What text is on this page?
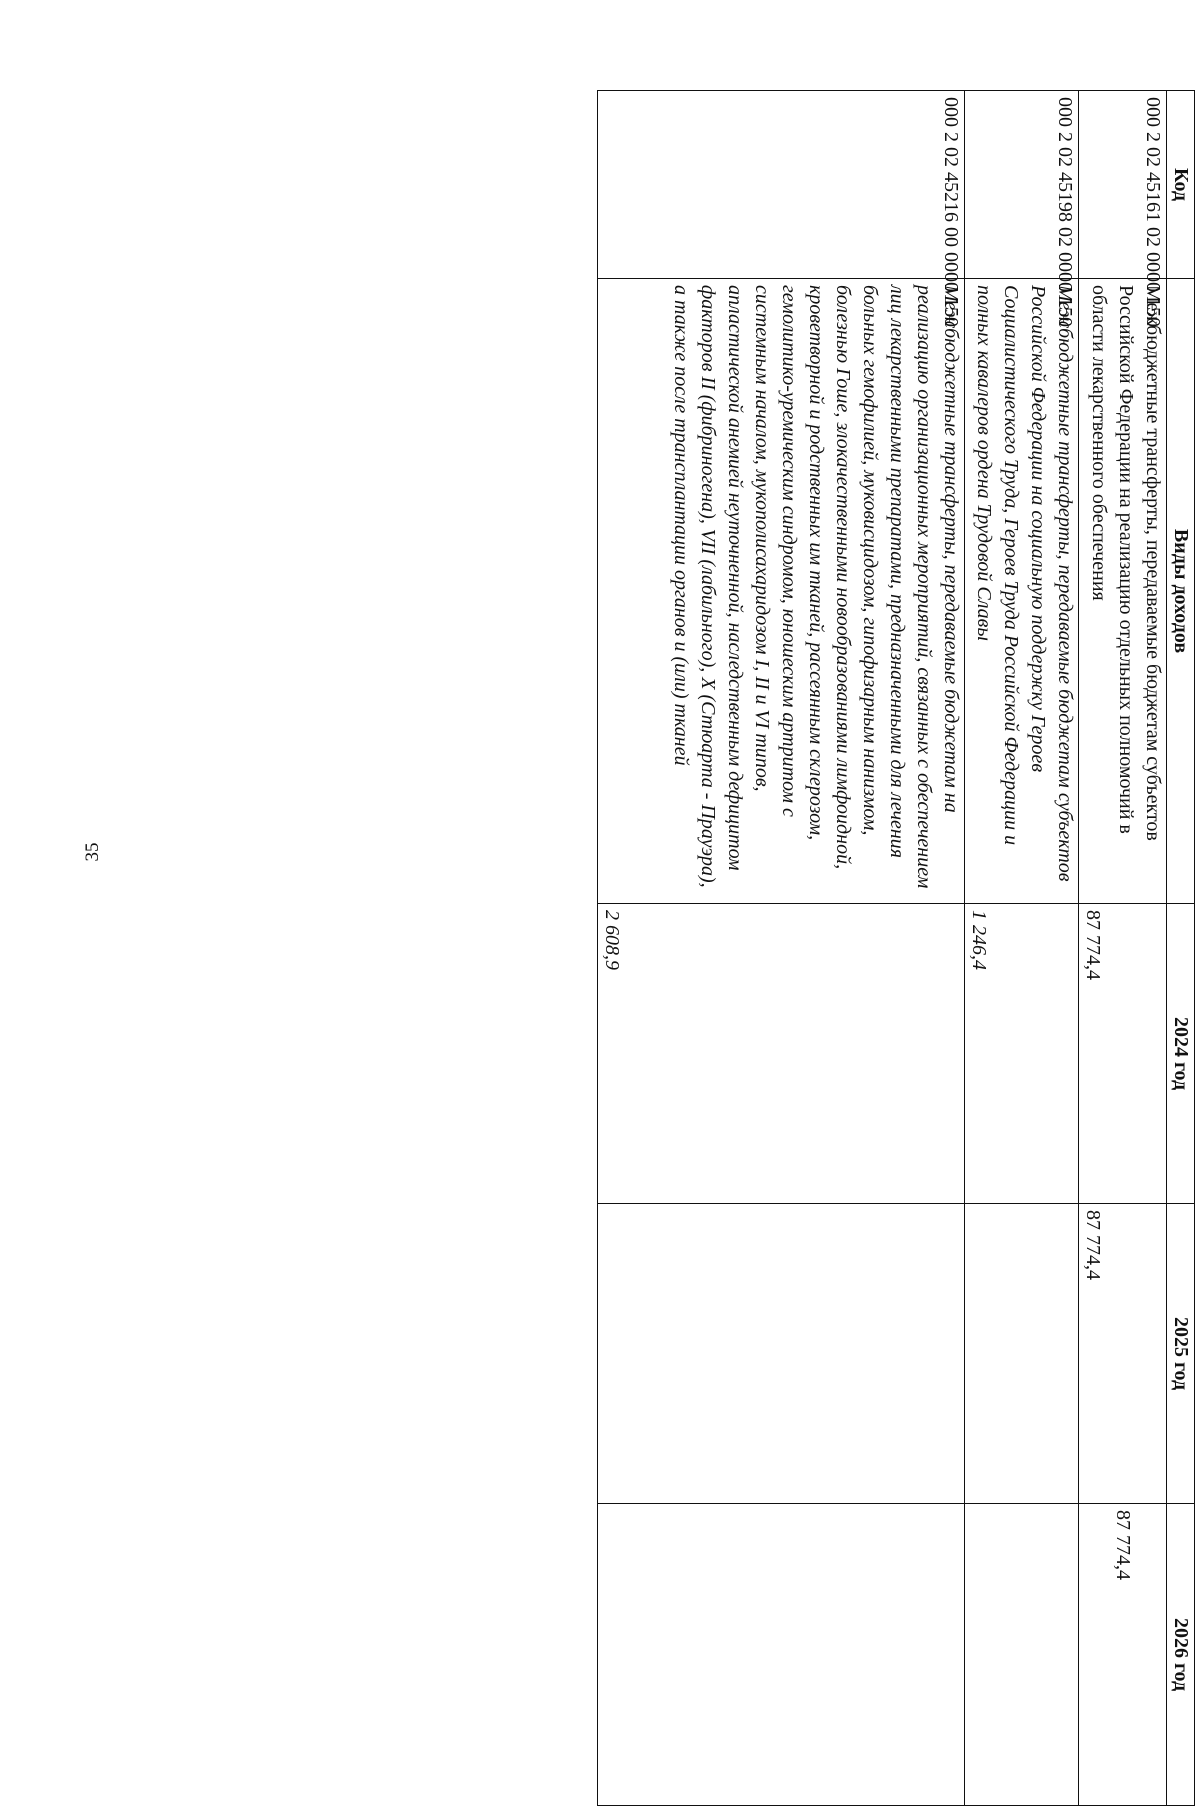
35
Код	Виды доходов	2024 год	2025 год	2026 год
000 2 02 45161 02 0000 150	Межбюджетные трансферты, передаваемые бюджетам субъектов Российской Федерации на реализацию отдельных полномочий в области лекарственного обеспечения	87 774,4	87 774,4	87 774,4
000 2 02 45198 02 0000 150	Межбюджетные трансферты, передаваемые бюджетам субъектов Российской Федерации на социальную поддержку Героев Социалистического Труда, Героев Труда Российской Федерации и полных кавалеров ордена Трудовой Славы	1 246,4		
000 2 02 45216 00 0000 150	Межбюджетные трансферты, передаваемые бюджетам на реализацию организационных мероприятий, связанных с обеспечением лиц лекарственными препаратами, предназначенными для лечения больных гемофилией, муковисцидозом, гипофизарным нанизмом, болезнью Гоше, злокачественными новообразованиями лимфоидной, кроветворной и родственных им тканей, рассеянным склерозом, гемолитико-уремическим синдромом, юношеским артритом с системным началом, мукополисахаридозом I, II и VI типов, апластической анемией неуточненной, наследственным дефицитом факторов II (фибриногена), VII (лабильного), X (Стюарта - Прауэра), а также после трансплантации органов и (или) тканей	2 608,9		
